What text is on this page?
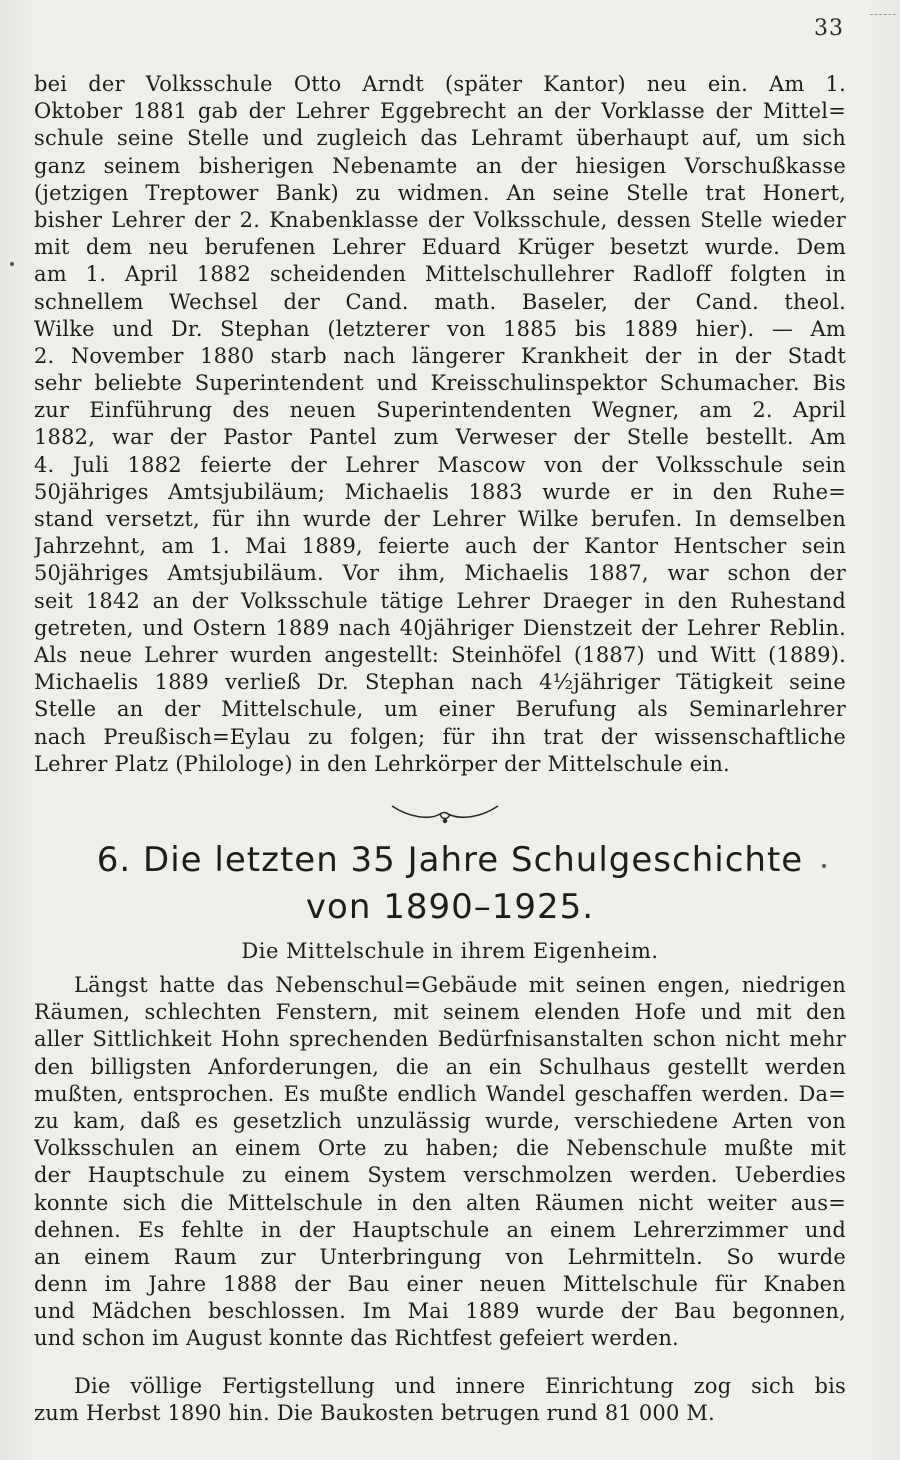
33
bei der Volksschule Otto Arndt (später Kantor) neu ein. Am 1.
Oktober 1881 gab der Lehrer Eggebrecht an der Vorklasse der Mittel=
schule seine Stelle und zugleich das Lehramt überhaupt auf, um sich
ganz seinem bisherigen Nebenamte an der hiesigen Vorschußkasse
(jetzigen Treptower Bank) zu widmen. An seine Stelle trat Honert,
bisher Lehrer der 2. Knabenklasse der Volksschule, dessen Stelle wieder
mit dem neu berufenen Lehrer Eduard Krüger besetzt wurde. Dem
am 1. April 1882 scheidenden Mittelschullehrer Radloff folgten in
schnellem Wechsel der Cand. math. Baseler, der Cand. theol.
Wilke und Dr. Stephan (letzterer von 1885 bis 1889 hier). — Am
2. November 1880 starb nach längerer Krankheit der in der Stadt
sehr beliebte Superintendent und Kreisschulinspektor Schumacher. Bis
zur Einführung des neuen Superintendenten Wegner, am 2. April
1882, war der Pastor Pantel zum Verweser der Stelle bestellt. Am
4. Juli 1882 feierte der Lehrer Mascow von der Volksschule sein
50jähriges Amtsjubiläum; Michaelis 1883 wurde er in den Ruhe=
stand versetzt, für ihn wurde der Lehrer Wilke berufen. In demselben
Jahrzehnt, am 1. Mai 1889, feierte auch der Kantor Hentscher sein
50jähriges Amtsjubiläum. Vor ihm, Michaelis 1887, war schon der
seit 1842 an der Volksschule tätige Lehrer Draeger in den Ruhestand
getreten, und Ostern 1889 nach 40jähriger Dienstzeit der Lehrer Reblin.
Als neue Lehrer wurden angestellt: Steinhöfel (1887) und Witt (1889).
Michaelis 1889 verließ Dr. Stephan nach 4½jähriger Tätigkeit seine
Stelle an der Mittelschule, um einer Berufung als Seminarlehrer
nach Preußisch=Eylau zu folgen; für ihn trat der wissenschaftliche
Lehrer Platz (Philologe) in den Lehrkörper der Mittelschule ein.
6. Die letzten 35 Jahre Schulgeschichte
von 1890–1925.
Die Mittelschule in ihrem Eigenheim.
Längst hatte das Nebenschul=Gebäude mit seinen engen, niedrigen
Räumen, schlechten Fenstern, mit seinem elenden Hofe und mit den
aller Sittlichkeit Hohn sprechenden Bedürfnisanstalten schon nicht mehr
den billigsten Anforderungen, die an ein Schulhaus gestellt werden
mußten, entsprochen. Es mußte endlich Wandel geschaffen werden. Da=
zu kam, daß es gesetzlich unzulässig wurde, verschiedene Arten von
Volksschulen an einem Orte zu haben; die Nebenschule mußte mit
der Hauptschule zu einem System verschmolzen werden. Ueberdies
konnte sich die Mittelschule in den alten Räumen nicht weiter aus=
dehnen. Es fehlte in der Hauptschule an einem Lehrerzimmer und
an einem Raum zur Unterbringung von Lehrmitteln. So wurde
denn im Jahre 1888 der Bau einer neuen Mittelschule für Knaben
und Mädchen beschlossen. Im Mai 1889 wurde der Bau begonnen,
und schon im August konnte das Richtfest gefeiert werden.
Die völlige Fertigstellung und innere Einrichtung zog sich bis
zum Herbst 1890 hin. Die Baukosten betrugen rund 81 000 M.
